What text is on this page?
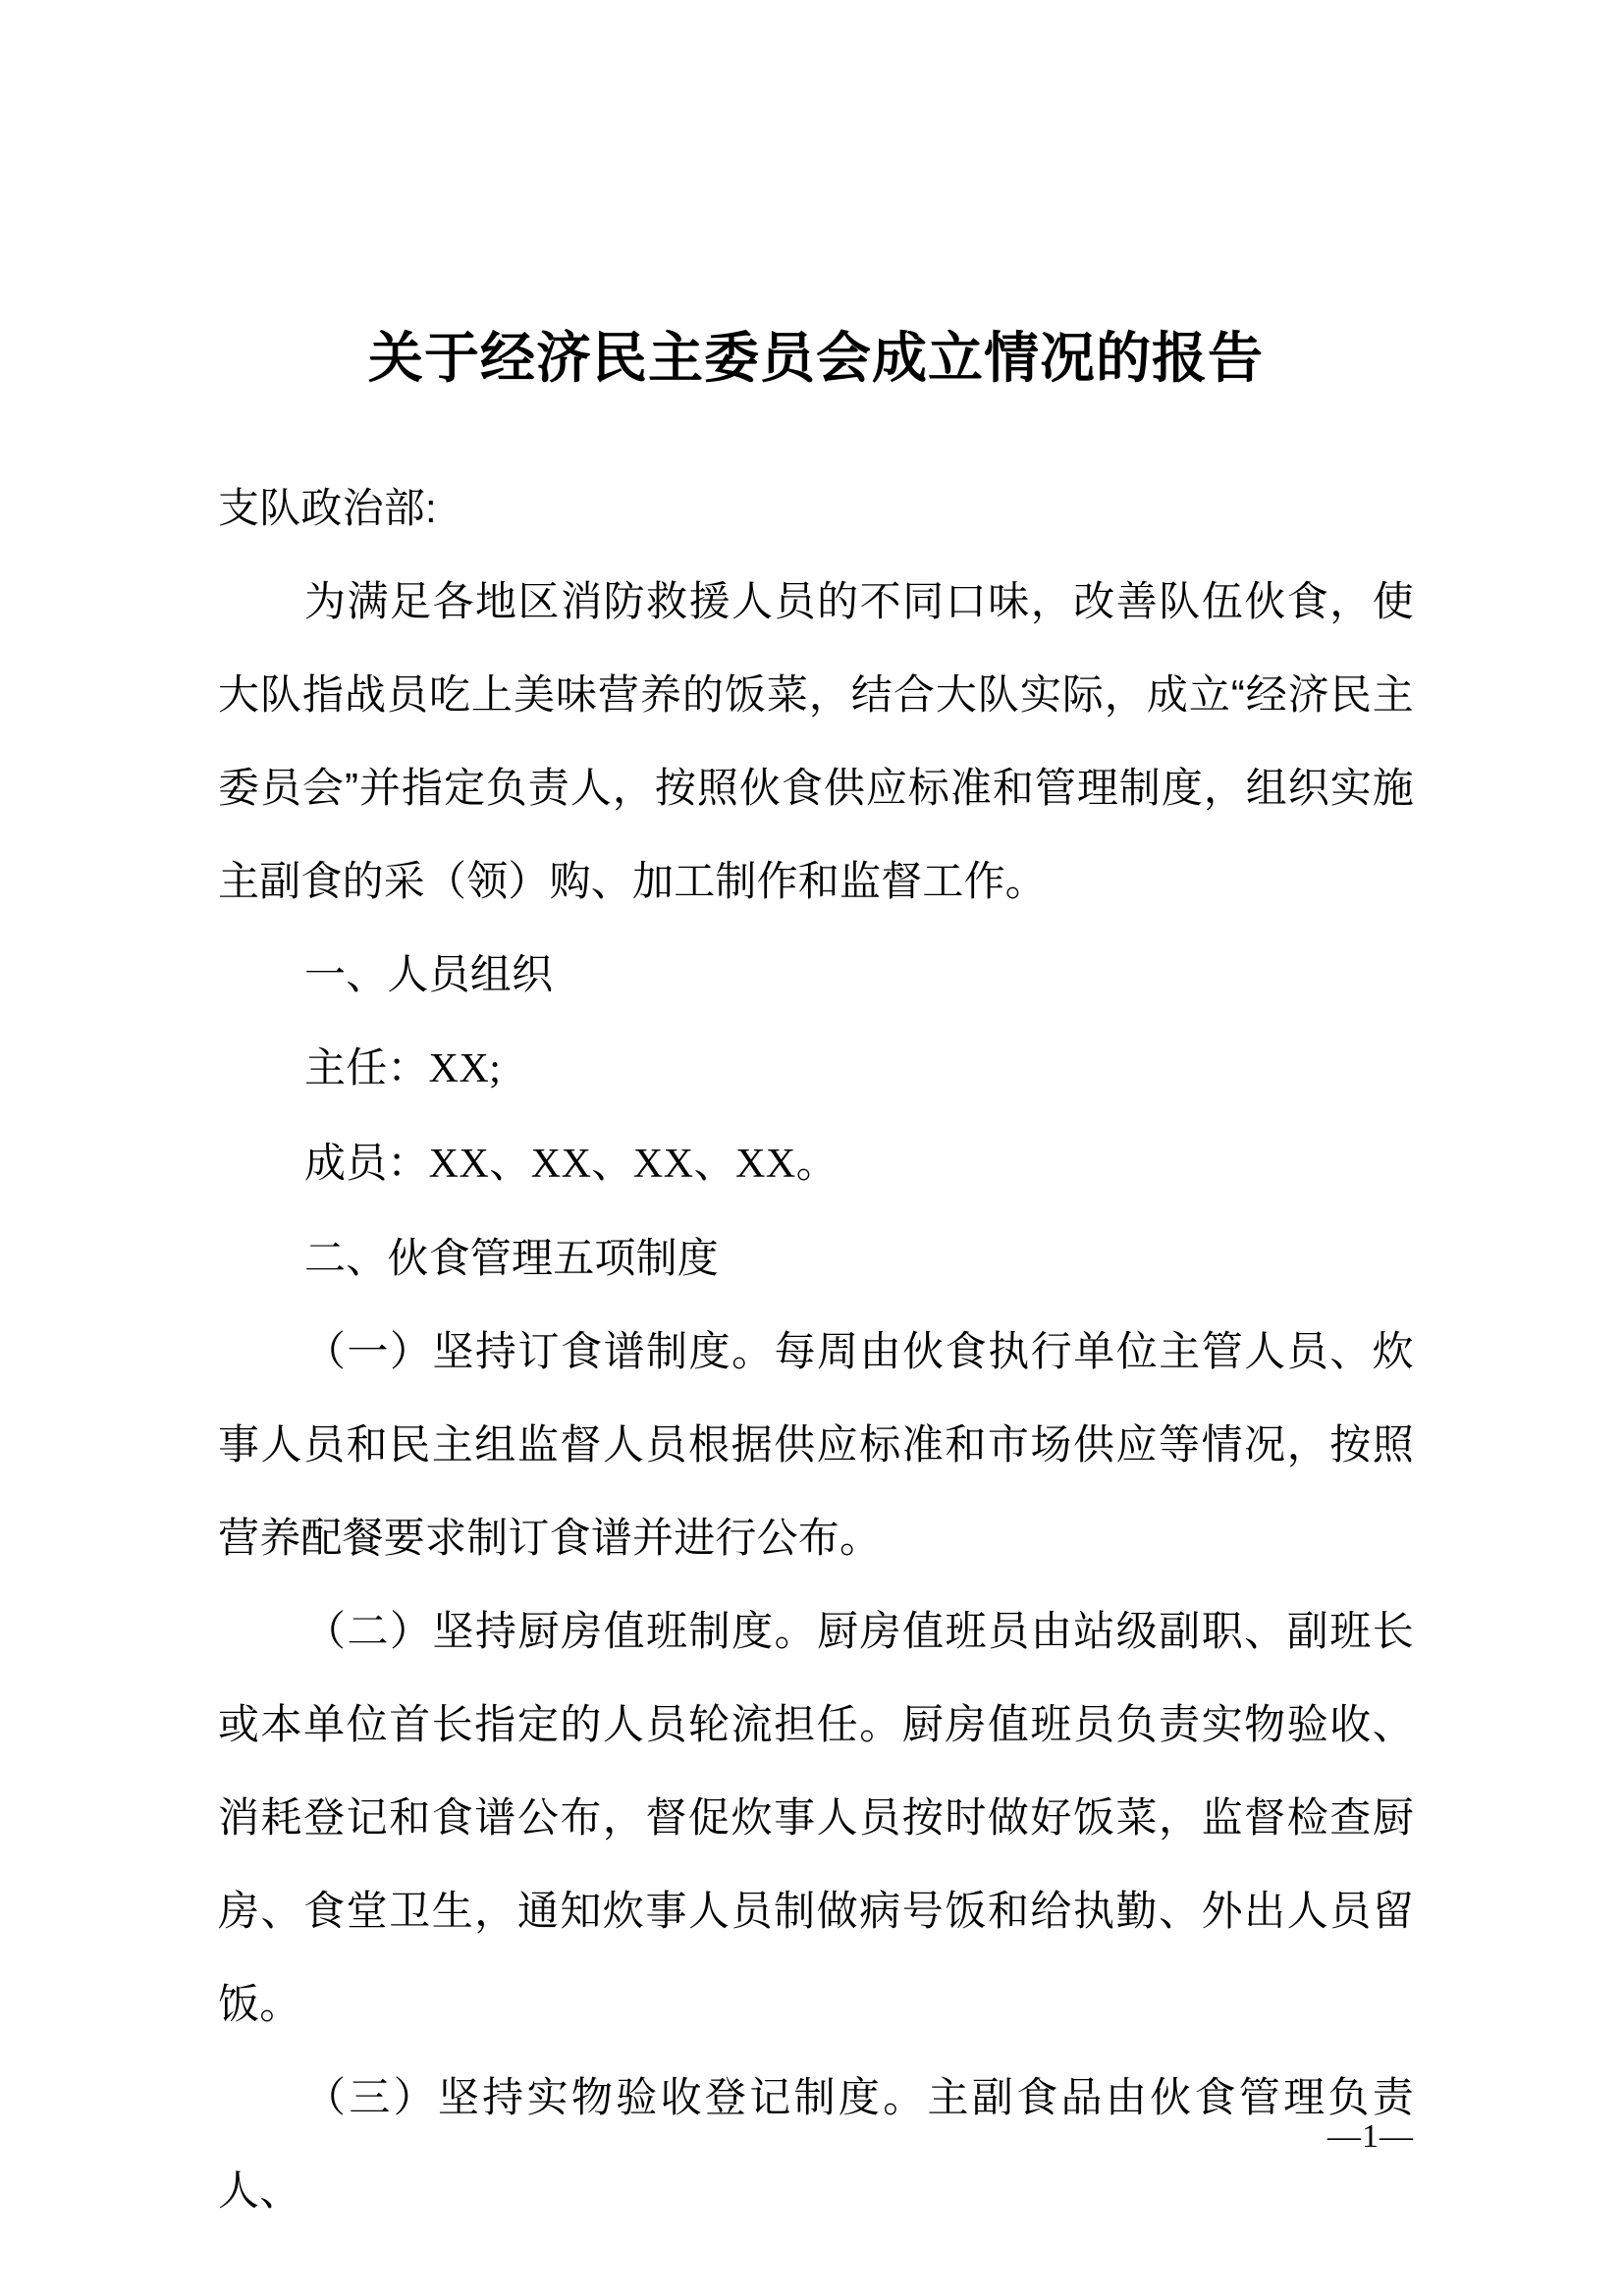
关于经济民主委员会成立情况的报告

支队政治部:

为满足各地区消防救援人员的不同口味，改善队伍伙食，使大队指战员吃上美味营养的饭菜，结合大队实际，成立“经济民主委员会”并指定负责人，按照伙食供应标准和管理制度，组织实施主副食的采（领）购、加工制作和监督工作。

一、人员组织

主任：XX;

成员：XX、XX、XX、XX。

二、伙食管理五项制度

（一）坚持订食谱制度。每周由伙食执行单位主管人员、炊事人员和民主组监督人员根据供应标准和市场供应等情况，按照营养配餐要求制订食谱并进行公布。

（二）坚持厨房值班制度。厨房值班员由站级副职、副班长或本单位首长指定的人员轮流担任。厨房值班员负责实物验收、消耗登记和食谱公布，督促炊事人员按时做好饭菜，监督检查厨房、食堂卫生，通知炊事人员制做病号饭和给执勤、外出人员留饭。

（三）坚持实物验收登记制度。主副食品由伙食管理负责人、

—1—
